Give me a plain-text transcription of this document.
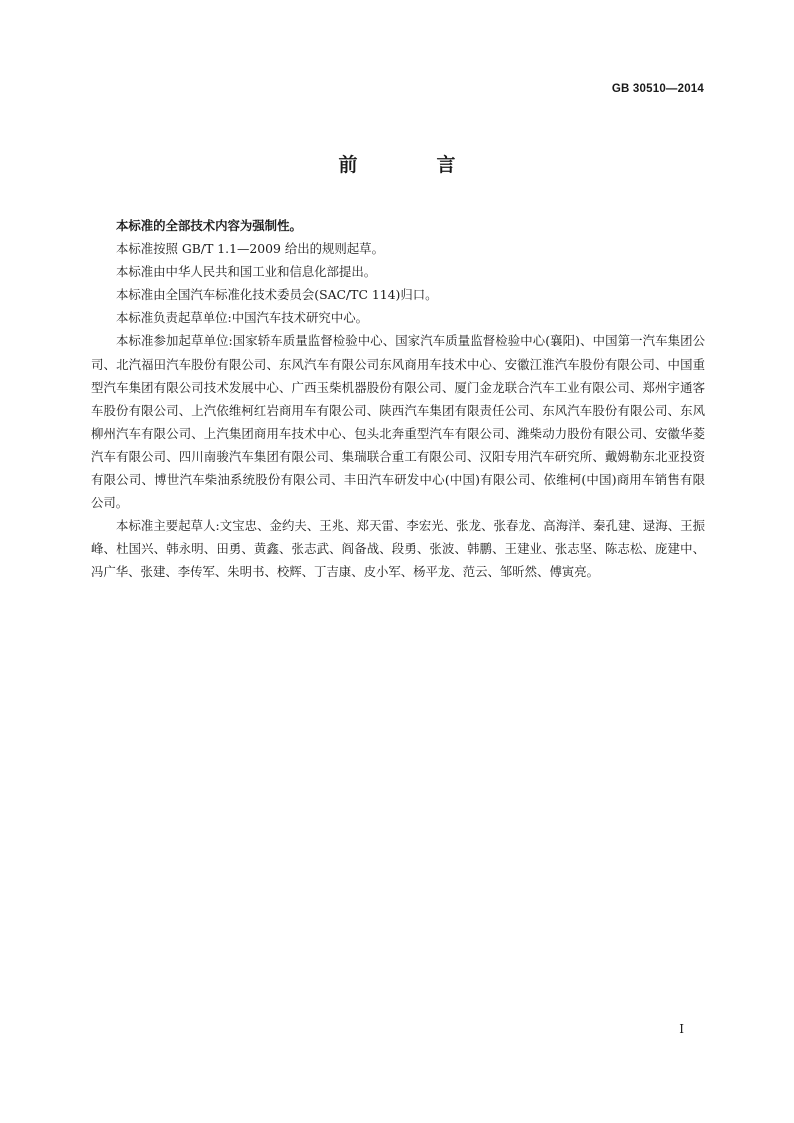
GB 30510—2014
前　言

本标准的全部技术内容为强制性。

本标准按照 GB/T 1.1—2009 给出的规则起草。

本标准由中华人民共和国工业和信息化部提出。

本标准由全国汽车标准化技术委员会(SAC/TC 114)归口。

本标准负责起草单位:中国汽车技术研究中心。

本标准参加起草单位:国家轿车质量监督检验中心、国家汽车质量监督检验中心(襄阳)、中国第一汽车集团公司、北汽福田汽车股份有限公司、东风汽车有限公司东风商用车技术中心、安徽江淮汽车股份有限公司、中国重型汽车集团有限公司技术发展中心、广西玉柴机器股份有限公司、厦门金龙联合汽车工业有限公司、郑州宇通客车股份有限公司、上汽依维柯红岩商用车有限公司、陕西汽车集团有限责任公司、东风汽车股份有限公司、东风柳州汽车有限公司、上汽集团商用车技术中心、包头北奔重型汽车有限公司、潍柴动力股份有限公司、安徽华菱汽车有限公司、四川南骏汽车集团有限公司、集瑞联合重工有限公司、汉阳专用汽车研究所、戴姆勒东北亚投资有限公司、博世汽车柴油系统股份有限公司、丰田汽车研发中心(中国)有限公司、依维柯(中国)商用车销售有限公司。

本标准主要起草人:文宝忠、金约夫、王兆、郑天雷、李宏光、张龙、张春龙、高海洋、秦孔建、逯海、王振峰、杜国兴、韩永明、田勇、黄鑫、张志武、阎备战、段勇、张波、韩鹏、王建业、张志坚、陈志松、庞建中、冯广华、张建、李传军、朱明书、校辉、丁吉康、皮小军、杨平龙、范云、邹昕然、傅寅亮。

I
